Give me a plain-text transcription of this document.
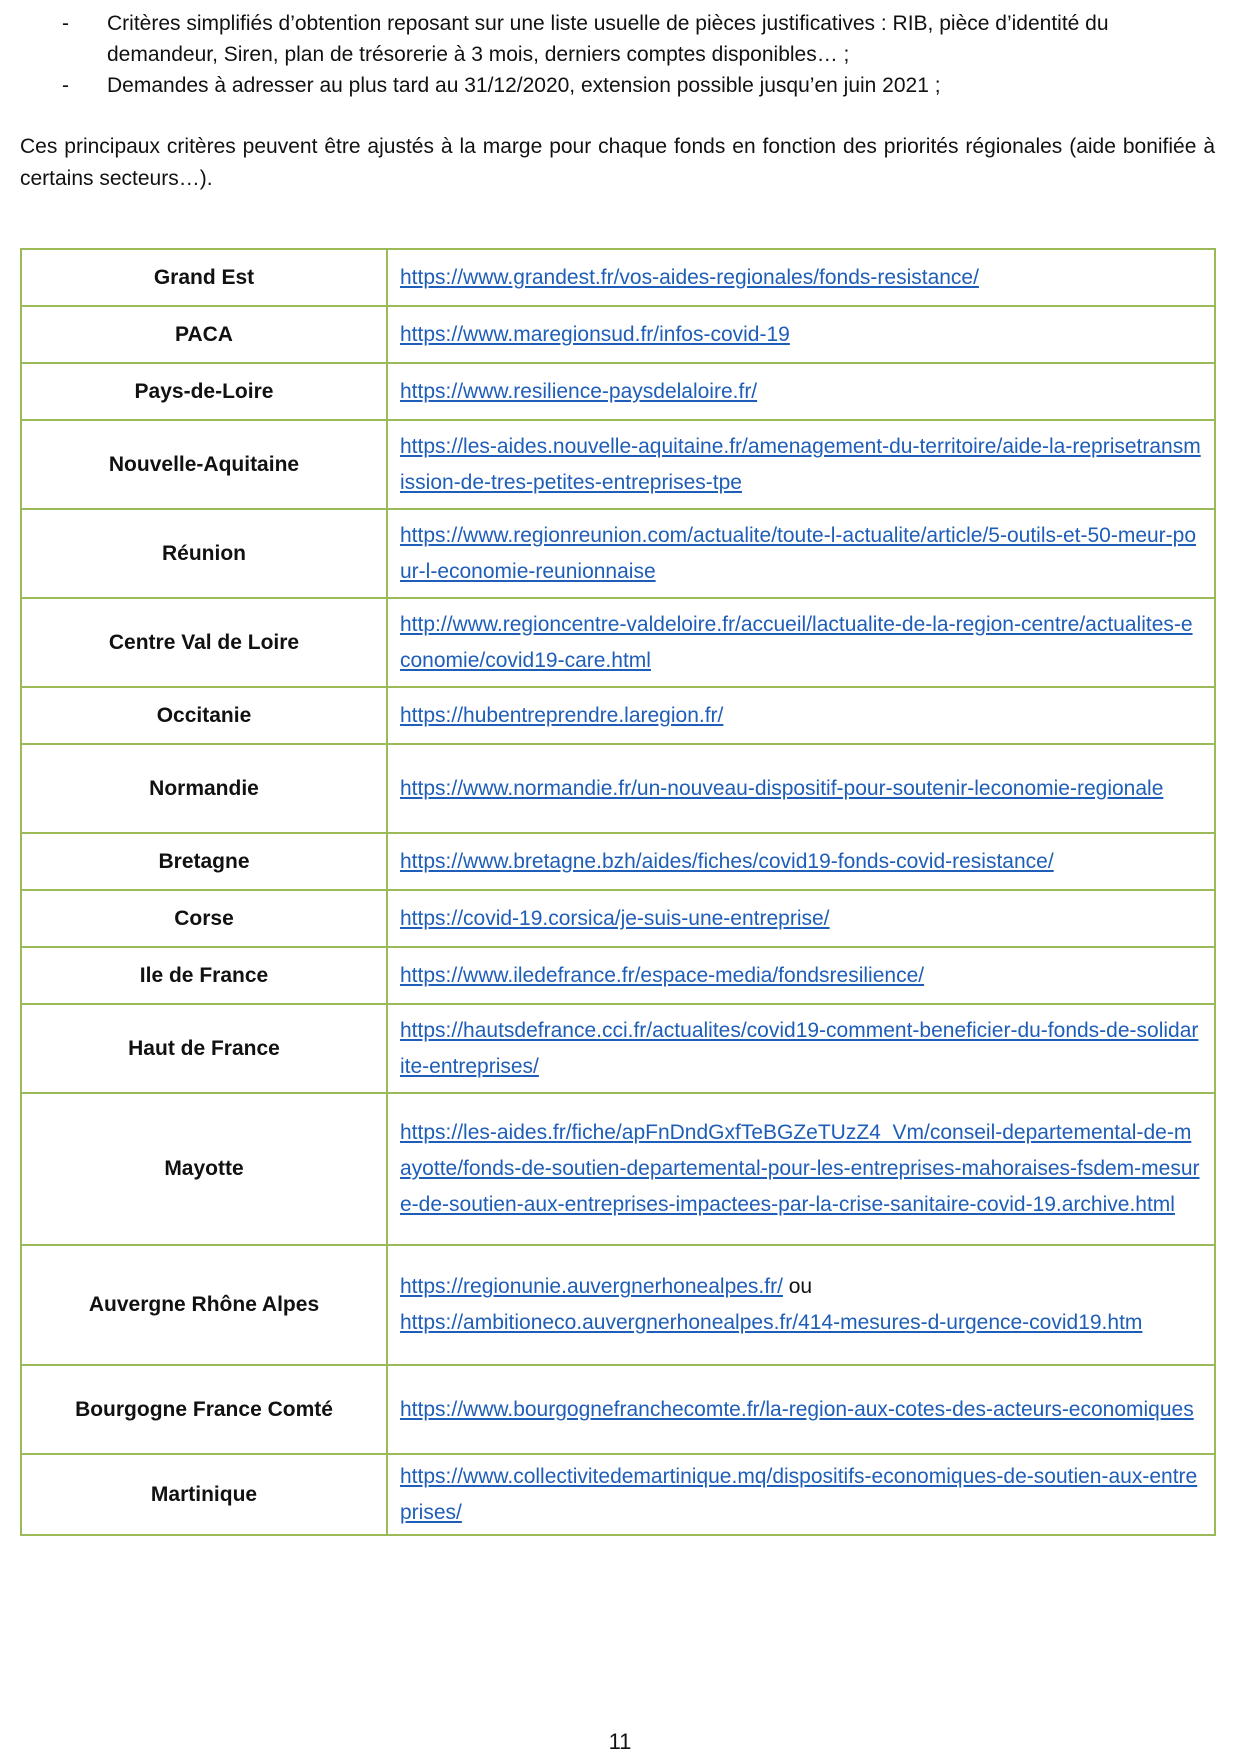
- Critères simplifiés d’obtention reposant sur une liste usuelle de pièces justificatives : RIB, pièce d’identité du demandeur, Siren, plan de trésorerie à 3 mois, derniers comptes disponibles… ;
- Demandes à adresser au plus tard au 31/12/2020, extension possible jusqu’en juin 2021 ;

Ces principaux critères peuvent être ajustés à la marge pour chaque fonds en fonction des priorités régionales (aide bonifiée à certains secteurs…).

Grand Est	https://www.grandest.fr/vos-aides-regionales/fonds-resistance/
PACA	https://www.maregionsud.fr/infos-covid-19
Pays-de-Loire	https://www.resilience-paysdelaloire.fr/
Nouvelle-Aquitaine	https://les-aides.nouvelle-aquitaine.fr/amenagement-du-territoire/aide-la-reprisetransmission-de-tres-petites-entreprises-tpe
Réunion	https://www.regionreunion.com/actualite/toute-l-actualite/article/5-outils-et-50-meur-pour-l-economie-reunionnaise
Centre Val de Loire	http://www.regioncentre-valdeloire.fr/accueil/lactualite-de-la-region-centre/actualites-economie/covid19-care.html
Occitanie	https://hubentreprendre.laregion.fr/
Normandie	https://www.normandie.fr/un-nouveau-dispositif-pour-soutenir-leconomie-regionale
Bretagne	https://www.bretagne.bzh/aides/fiches/covid19-fonds-covid-resistance/
Corse	https://covid-19.corsica/je-suis-une-entreprise/
Ile de France	https://www.iledefrance.fr/espace-media/fondsresilience/
Haut de France	https://hautsdefrance.cci.fr/actualites/covid19-comment-beneficier-du-fonds-de-solidarite-entreprises/
Mayotte	https://les-aides.fr/fiche/apFnDndGxfTeBGZeTUzZ4_Vm/conseil-departemental-de-mayotte/fonds-de-soutien-departemental-pour-les-entreprises-mahoraises-fsdem-mesure-de-soutien-aux-entreprises-impactees-par-la-crise-sanitaire-covid-19.archive.html
Auvergne Rhône Alpes	https://regionunie.auvergnerhonealpes.fr/ ou
https://ambitioneco.auvergnerhonealpes.fr/414-mesures-d-urgence-covid19.htm
Bourgogne France Comté	https://www.bourgognefranchecomte.fr/la-region-aux-cotes-des-acteurs-economiques
Martinique	https://www.collectivitedemartinique.mq/dispositifs-economiques-de-soutien-aux-entreprises/
11
